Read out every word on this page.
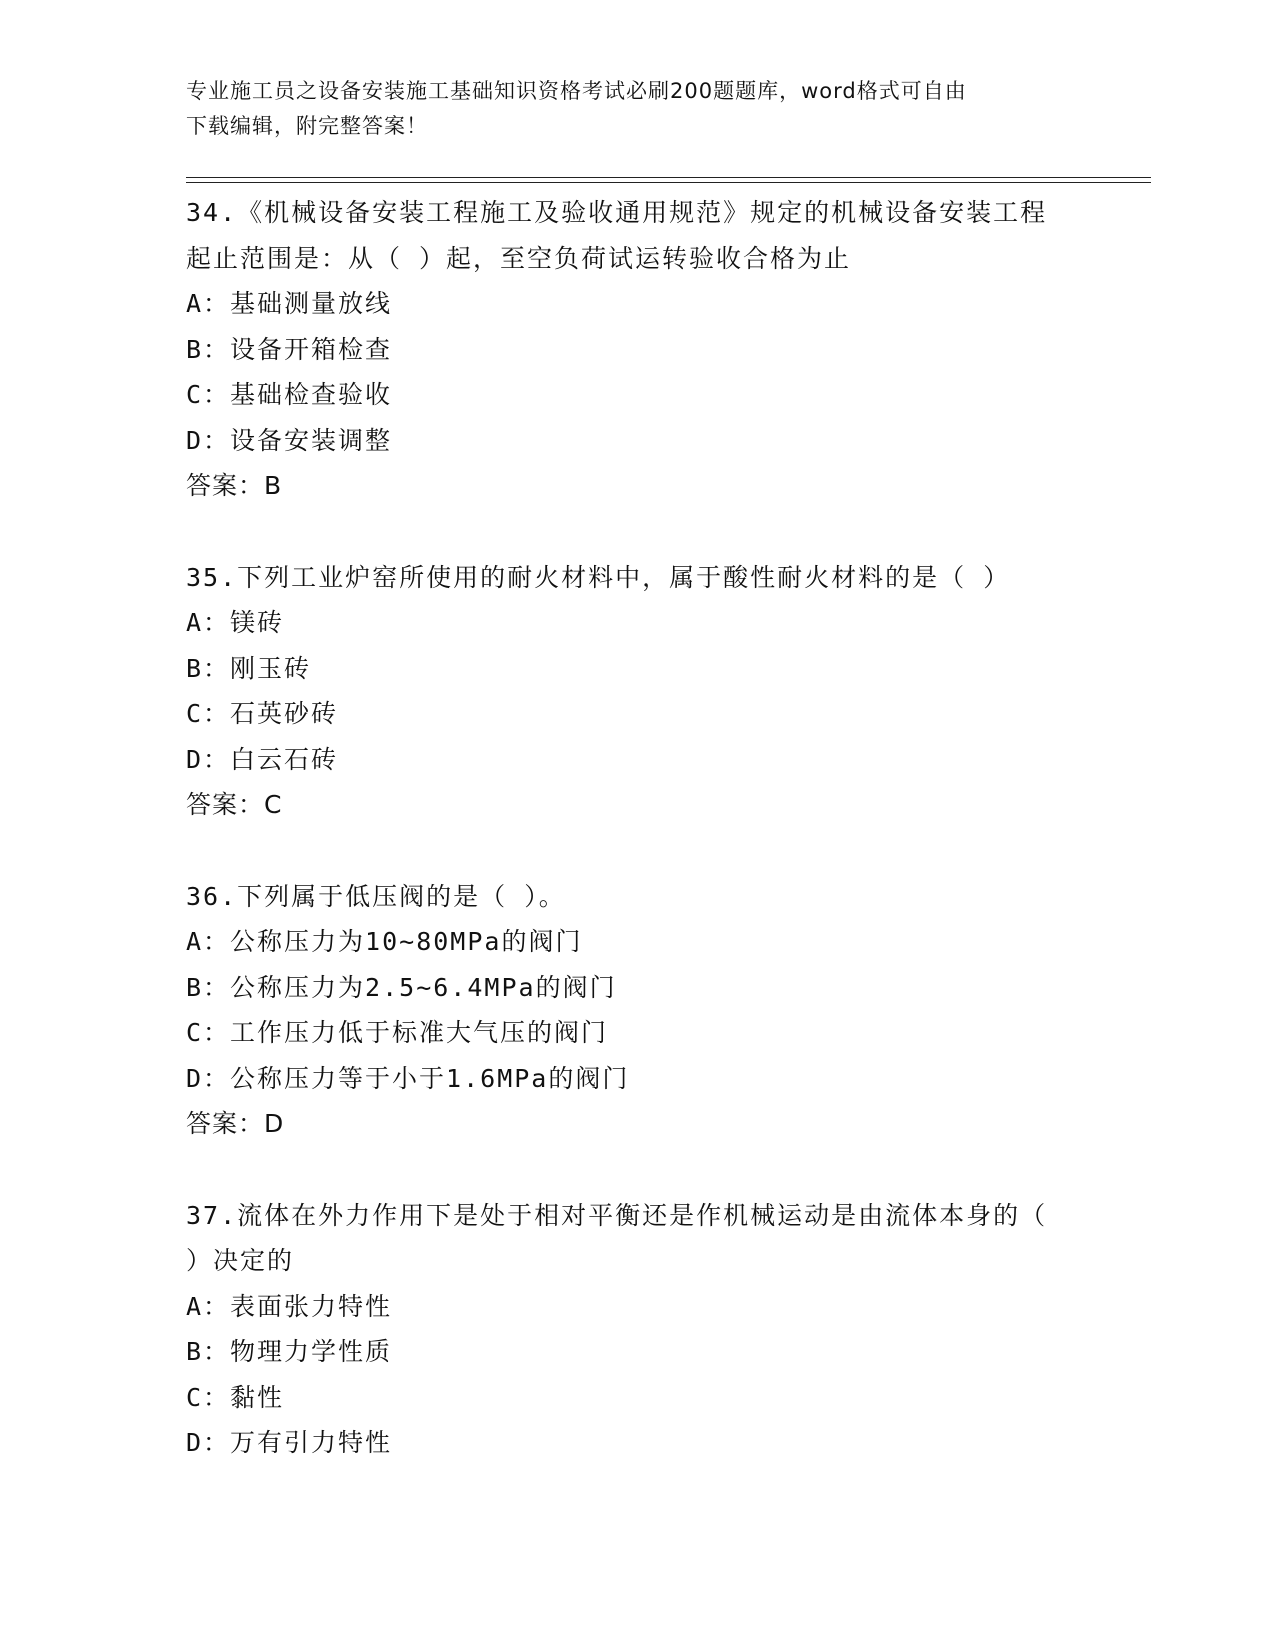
专业施工员之设备安装施工基础知识资格考试必刷200题题库，word格式可自由
下载编辑，附完整答案！
34.《机械设备安装工程施工及验收通用规范》规定的机械设备安装工程起止范围是：从（ ）起，至空负荷试运转验收合格为止
A：基础测量放线
B：设备开箱检查
C：基础检查验收
D：设备安装调整
答案：B
35.下列工业炉窑所使用的耐火材料中，属于酸性耐火材料的是（ ）
A：镁砖
B：刚玉砖
C：石英砂砖
D：白云石砖
答案：C
36.下列属于低压阀的是（ ）。
A：公称压力为10~80MPa的阀门
B：公称压力为2.5~6.4MPa的阀门
C：工作压力低于标准大气压的阀门
D：公称压力等于小于1.6MPa的阀门
答案：D
37.流体在外力作用下是处于相对平衡还是作机械运动是由流体本身的（ ）决定的
A：表面张力特性
B：物理力学性质
C：黏性
D：万有引力特性
